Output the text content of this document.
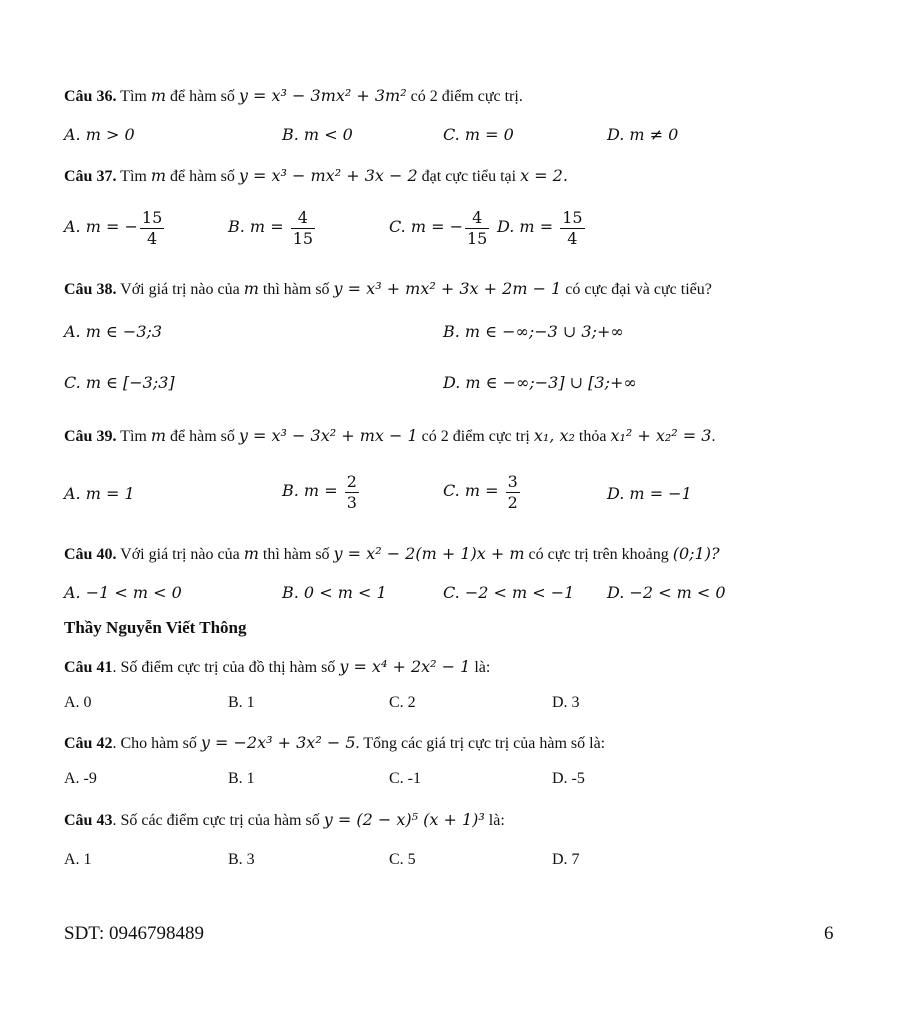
Câu 36. Tìm m để hàm số y = x³ − 3mx² + 3m² có 2 điểm cực trị.
A. m > 0	B. m < 0	C. m = 0	D. m ≠ 0
Câu 37. Tìm m để hàm số y = x³ − mx² + 3x − 2 đạt cực tiểu tại x = 2.
A. m = − $\frac{15}{4}$	B. $m = \frac{4}{15}$	C. m = − $\frac{4}{15} D$. $m = \frac{15}{4}$
Câu 38. Với giá trị nào của m thì hàm số y = x³ + mx² + 3x + 2m − 1 có cực đại và cực tiểu?
A. m ∈ −3;3	B. m ∈ −∞;−3 ∪ 3;+∞
C. m ∈ [−3;3]	D. m ∈ −∞;−3] ∪ [3;+∞
Câu 39. Tìm m để hàm số y = x³ − 3x² + mx − 1 có 2 điểm cực trị x₁, x₂ thỏa x₁² + x₂² = 3.
A. m = 1	B. $m = \frac{2}{3}$	C. $m = \frac{3}{2}$	D. m = −1
Câu 40. Với giá trị nào của m thì hàm số y = x² − 2(m + 1)x + m có cực trị trên khoảng (0;1)?
A. −1 < m < 0	B. 0 < m < 1	C. −2 < m < −1 D. −2 < m < 0
Thầy Nguyễn Viết Thông
Câu 41. Số điểm cực trị của đồ thị hàm số y = x⁴ + 2x² − 1 là:
A. 0	B. 1	C. 2	D. 3
Câu 42. Cho hàm số y = −2x³ + 3x² − 5. Tổng các giá trị cực trị của hàm số là:
A. -9	B. 1	C. -1	D. -5
Câu 43. Số các điểm cực trị của hàm số y = (2 − x)⁵ (x + 1)³ là:
A. 1	B. 3	C. 5	D. 7
SDT: 0946798489	6
